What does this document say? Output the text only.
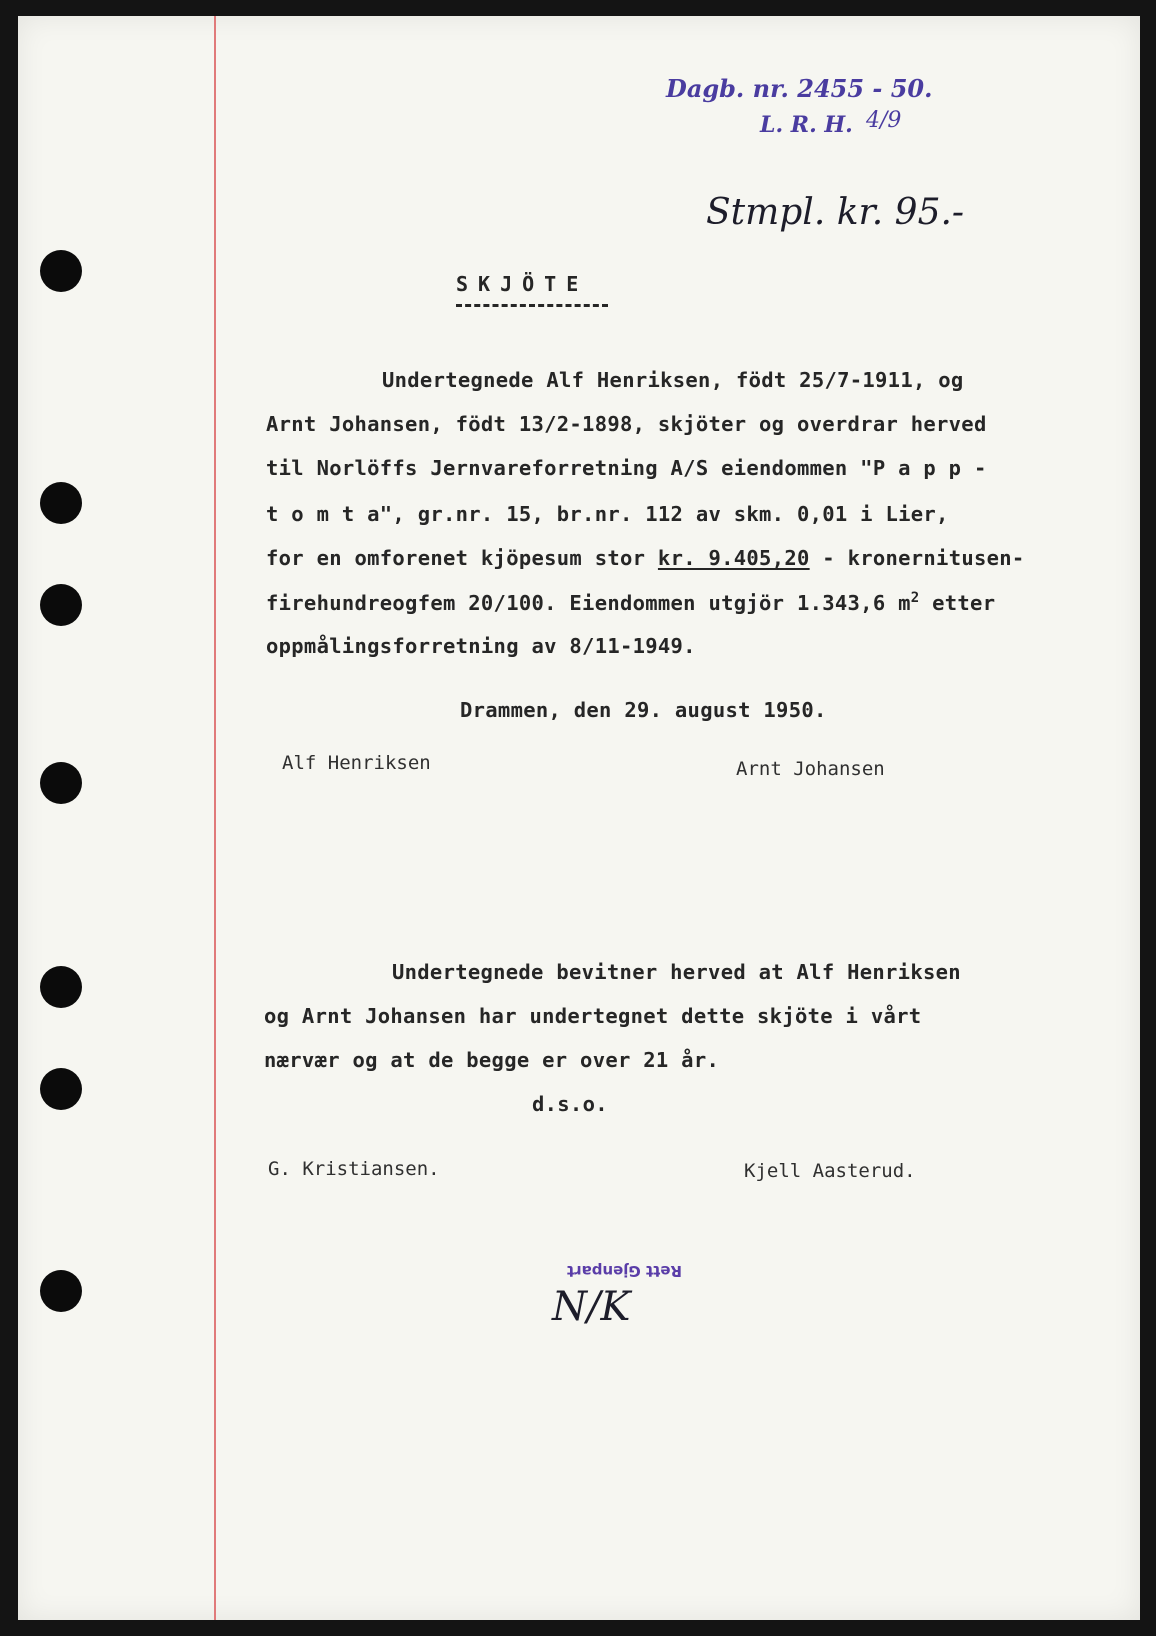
Dagb. nr. 2455 - 50.
L. R. H. 4/9
Stmpl. kr. 95.-
SKJÖTE
Undertegnede Alf Henriksen, födt 25/7-1911, og
Arnt Johansen, födt 13/2-1898, skjöter og overdrar herved
til Norlöffs Jernvareforretning A/S eiendommen "P a p p -
t o m t a", gr.nr. 15, br.nr. 112 av skm. 0,01 i Lier,
for en omforenet kjöpesum stor kr. 9.405,20 - kronernitusen-
firehundreogfem 20/100. Eiendommen utgjör 1.343,6 $m^2$ etter
oppmålingsforretning av 8/11-1949.
Drammen, den 29. august 1950.
Alf Henriksen	Arnt Johansen
Undertegnede bevitner herved at Alf Henriksen
og Arnt Johansen har undertegnet dette skjöte i vårt
nærvær og at de begge er over 21 år.
d.s.o.
G. Kristiansen.	Kjell Aasterud.
Rett Gjenpart
N/K
